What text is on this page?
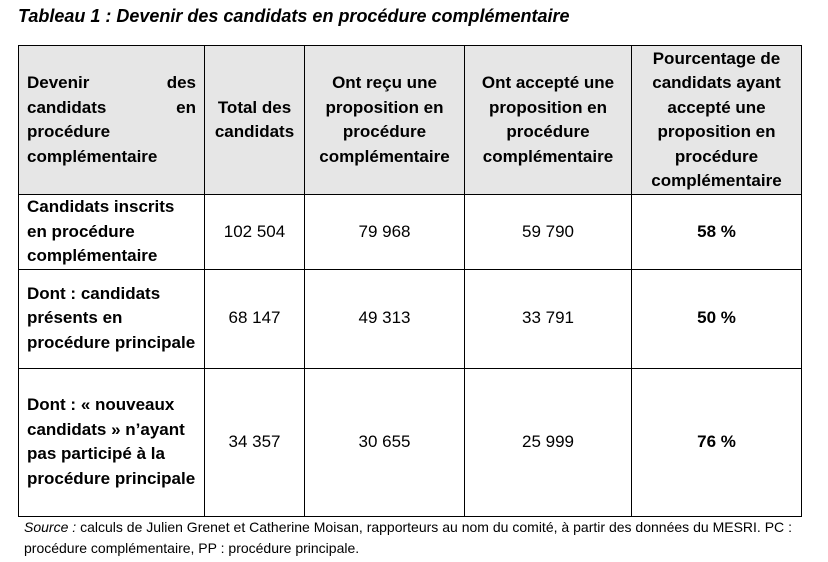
Tableau 1 : Devenir des candidats en procédure complémentaire
Devenir des candidats en procédure complémentaire	Total des candidats	Ont reçu une proposition en procédure complémentaire	Ont accepté une proposition en procédure complémentaire	Pourcentage de candidats ayant accepté une proposition en procédure complémentaire
Candidats inscrits en procédure complémentaire	102 504	79 968	59 790	58 %
Dont : candidats présents en procédure principale	68 147	49 313	33 791	50 %
Dont : « nouveaux candidats » n’ayant pas participé à la procédure principale	34 357	30 655	25 999	76 %
Source : calculs de Julien Grenet et Catherine Moisan, rapporteurs au nom du comité, à partir des données du MESRI. PC : procédure complémentaire, PP : procédure principale.
